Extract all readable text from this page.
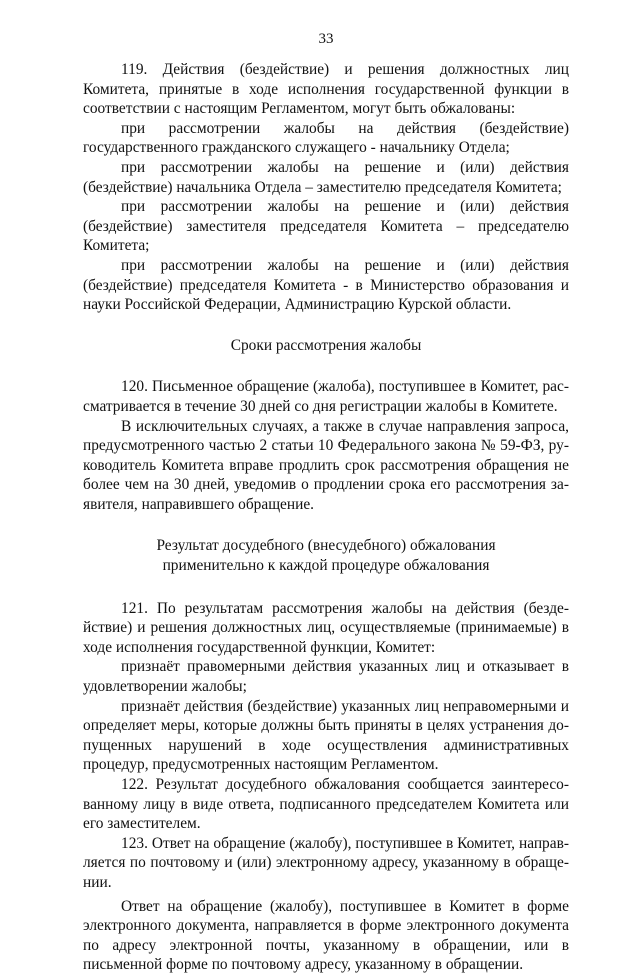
33

119. Действия (бездействие) и решения должностных лиц Комитета, принятые в ходе исполнения государственной функции в соответствии с настоящим Регламентом, могут быть обжалованы:

при рассмотрении жалобы на действия (бездействие) государственного гражданского служащего - начальнику Отдела;

при рассмотрении жалобы на решение и (или) действия (бездействие) начальника Отдела – заместителю председателя Комитета;

при рассмотрении жалобы на решение и (или) действия (бездействие) заместителя председателя Комитета – председателю Комитета;

при рассмотрении жалобы на решение и (или) действия (бездействие) председателя Комитета - в Министерство образования и науки Российской Федерации, Администрацию Курской области.

Сроки рассмотрения жалобы

120. Письменное обращение (жалоба), поступившее в Комитет, рассматривается в течение 30 дней со дня регистрации жалобы в Комитете.

В исключительных случаях, а также в случае направления запроса, предусмотренного частью 2 статьи 10 Федерального закона № 59-ФЗ, руководитель Комитета вправе продлить срок рассмотрения обращения не более чем на 30 дней, уведомив о продлении срока его рассмотрения заявителя, направившего обращение.

Результат досудебного (внесудебного) обжалования
применительно к каждой процедуре обжалования

121. По результатам рассмотрения жалобы на действия (бездействие) и решения должностных лиц, осуществляемые (принимаемые) в ходе исполнения государственной функции, Комитет:

признаёт правомерными действия указанных лиц и отказывает в удовлетворении жалобы;

признаёт действия (бездействие) указанных лиц неправомерными и определяет меры, которые должны быть приняты в целях устранения допущенных нарушений в ходе осуществления административных процедур, предусмотренных настоящим Регламентом.

122. Результат досудебного обжалования сообщается заинтересованному лицу в виде ответа, подписанного председателем Комитета или его заместителем.

123. Ответ на обращение (жалобу), поступившее в Комитет, направляется по почтовому и (или) электронному адресу, указанному в обращении.

Ответ на обращение (жалобу), поступившее в Комитет в форме электронного документа, направляется в форме электронного документа по адресу электронной почты, указанному в обращении, или в письменной форме по почтовому адресу, указанному в обращении.
